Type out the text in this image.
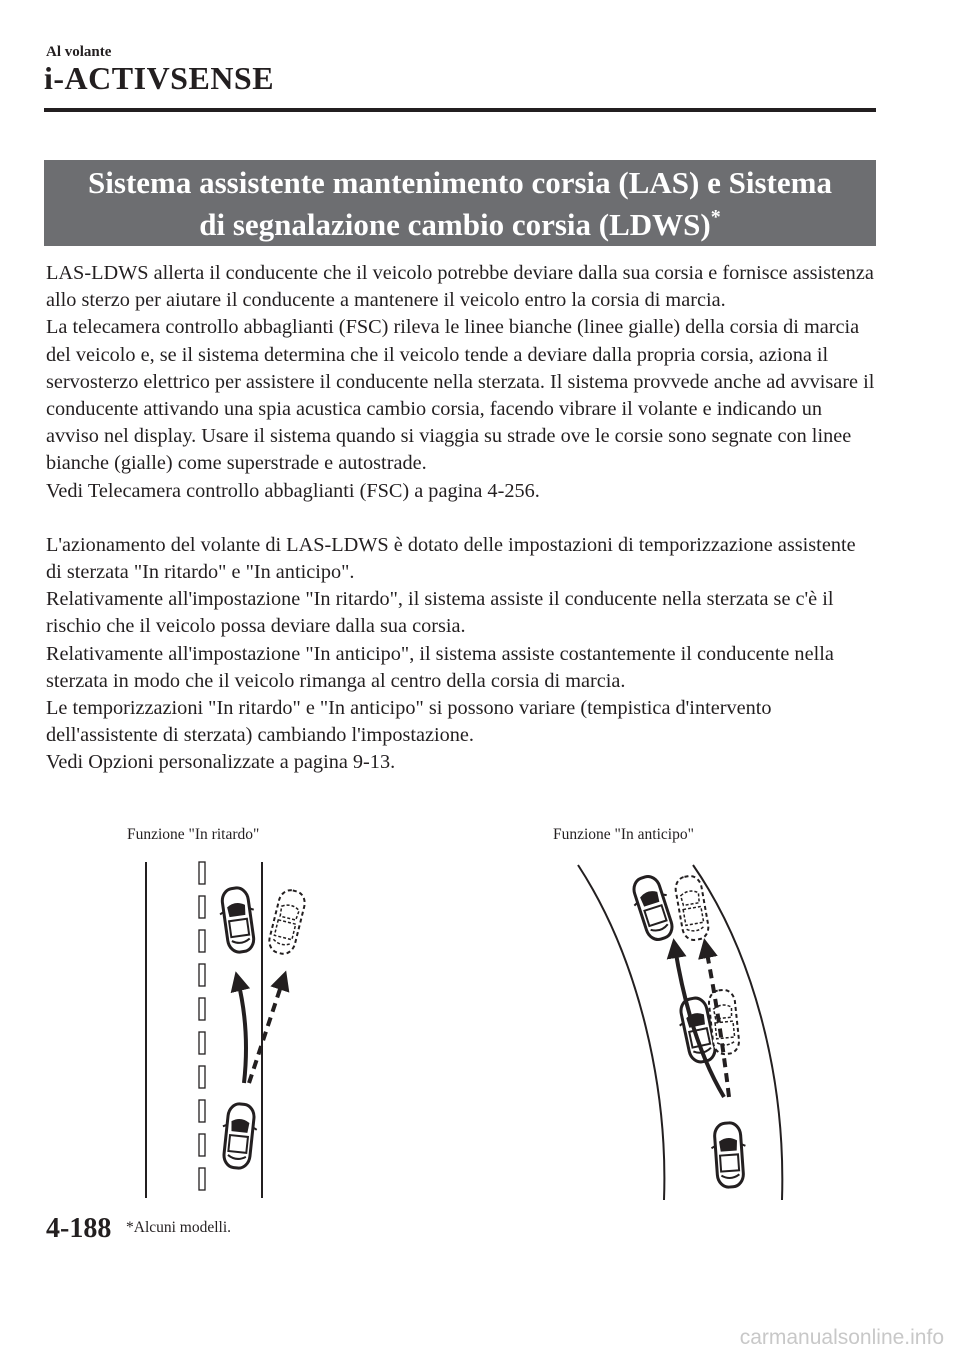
Al volante
i-ACTIVSENSE
Sistema assistente mantenimento corsia (LAS) e Sistema
di segnalazione cambio corsia (LDWS)*

LAS-LDWS allerta il conducente che il veicolo potrebbe deviare dalla sua corsia e fornisce assistenza allo sterzo per aiutare il conducente a mantenere il veicolo entro la corsia di marcia.

La telecamera controllo abbaglianti (FSC) rileva le linee bianche (linee gialle) della corsia di marcia del veicolo e, se il sistema determina che il veicolo tende a deviare dalla propria corsia, aziona il servosterzo elettrico per assistere il conducente nella sterzata. Il sistema provvede anche ad avvisare il conducente attivando una spia acustica cambio corsia, facendo vibrare il volante e indicando un avviso nel display. Usare il sistema quando si viaggia su strade ove le corsie sono segnate con linee bianche (gialle) come superstrade e autostrade.

Vedi Telecamera controllo abbaglianti (FSC) a pagina 4-256.

L'azionamento del volante di LAS-LDWS è dotato delle impostazioni di temporizzazione assistente di sterzata "In ritardo" e "In anticipo".

Relativamente all'impostazione "In ritardo", il sistema assiste il conducente nella sterzata se c'è il rischio che il veicolo possa deviare dalla sua corsia.

Relativamente all'impostazione "In anticipo", il sistema assiste costantemente il conducente nella sterzata in modo che il veicolo rimanga al centro della corsia di marcia.

Le temporizzazioni "In ritardo" e "In anticipo" si possono variare (tempistica d'intervento dell'assistente di sterzata) cambiando l'impostazione.

Vedi Opzioni personalizzate a pagina 9-13.

Funzione "In ritardo"	Funzione "In anticipo"
4-188 *Alcuni modelli.
carmanualsonline.info
